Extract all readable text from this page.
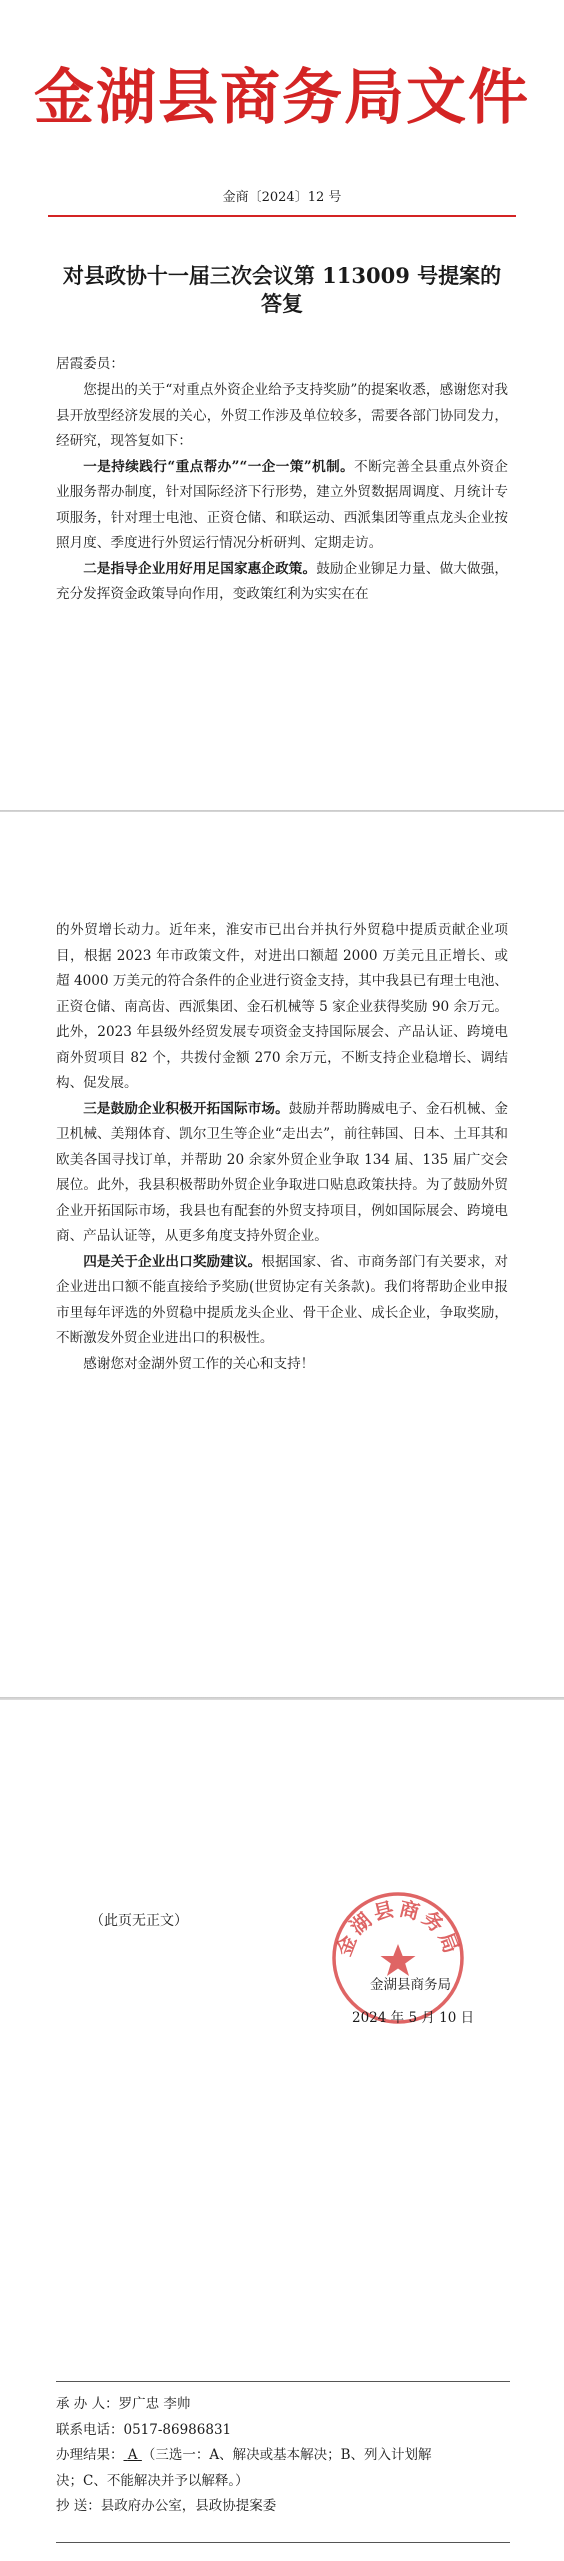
金湖县商务局文件
金商〔2024〕12 号
对县政协十一届三次会议第 113009 号提案的
答复

居霞委员：

您提出的关于“对重点外资企业给予支持奖励”的提案收悉，感谢您对我县开放型经济发展的关心，外贸工作涉及单位较多，需要各部门协同发力，经研究，现答复如下：

一是持续践行“重点帮办”“一企一策”机制。不断完善全县重点外资企业服务帮办制度，针对国际经济下行形势，建立外贸数据周调度、月统计专项服务，针对理士电池、正资仓储、和联运动、西派集团等重点龙头企业按照月度、季度进行外贸运行情况分析研判、定期走访。

二是指导企业用好用足国家惠企政策。鼓励企业铆足力量、做大做强，充分发挥资金政策导向作用，变政策红利为实实在在

的外贸增长动力。近年来，淮安市已出台并执行外贸稳中提质贡献企业项目，根据 2023 年市政策文件，对进出口额超 2000 万美元且正增长、或超 4000 万美元的符合条件的企业进行资金支持，其中我县已有理士电池、正资仓储、南高齿、西派集团、金石机械等 5 家企业获得奖励 90 余万元。此外，2023 年县级外经贸发展专项资金支持国际展会、产品认证、跨境电商外贸项目 82 个，共拨付金额 270 余万元，不断支持企业稳增长、调结构、促发展。

三是鼓励企业积极开拓国际市场。鼓励并帮助腾威电子、金石机械、金卫机械、美翔体育、凯尔卫生等企业“走出去”，前往韩国、日本、土耳其和欧美各国寻找订单，并帮助 20 余家外贸企业争取 134 届、135 届广交会展位。此外，我县积极帮助外贸企业争取进口贴息政策扶持。为了鼓励外贸企业开拓国际市场，我县也有配套的外贸支持项目，例如国际展会、跨境电商、产品认证等，从更多角度支持外贸企业。

四是关于企业出口奖励建议。根据国家、省、市商务部门有关要求，对企业进出口额不能直接给予奖励(世贸协定有关条款)。我们将帮助企业申报市里每年评选的外贸稳中提质龙头企业、骨干企业、成长企业，争取奖励，不断激发外贸企业进出口的积极性。

感谢您对金湖外贸工作的关心和支持！

（此页无正文）
金湖县商务局
金湖县商务局
2024 年 5 月 10 日
承 办 人：罗广忠 李帅
联系电话：0517-86986831
办理结果： A （三选一：A、解决或基本解决；B、列入计划解
决；C、不能解决并予以解释。）
抄 送：县政府办公室，县政协提案委
